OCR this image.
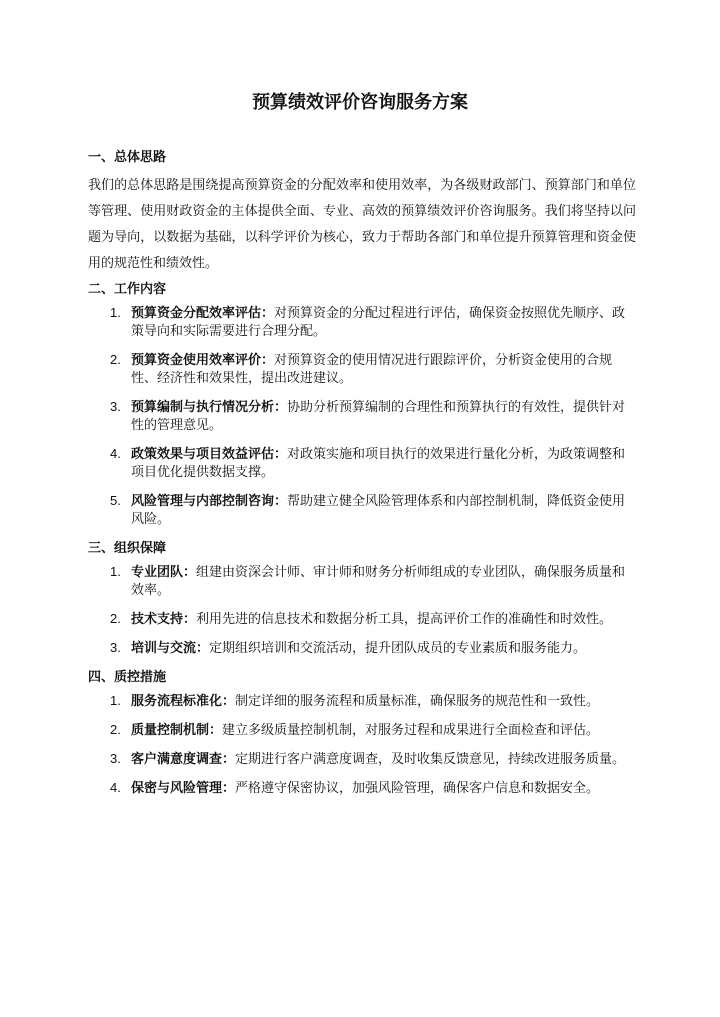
预算绩效评价咨询服务方案
一、总体思路
我们的总体思路是围绕提高预算资金的分配效率和使用效率，为各级财政部门、预算部门和单位等管理、使用财政资金的主体提供全面、专业、高效的预算绩效评价咨询服务。我们将坚持以问题为导向，以数据为基础，以科学评价为核心，致力于帮助各部门和单位提升预算管理和资金使用的规范性和绩效性。
二、工作内容
1. 预算资金分配效率评估：对预算资金的分配过程进行评估，确保资金按照优先顺序、政策导向和实际需要进行合理分配。
2. 预算资金使用效率评价：对预算资金的使用情况进行跟踪评价，分析资金使用的合规性、经济性和效果性，提出改进建议。
3. 预算编制与执行情况分析：协助分析预算编制的合理性和预算执行的有效性，提供针对性的管理意见。
4. 政策效果与项目效益评估：对政策实施和项目执行的效果进行量化分析，为政策调整和项目优化提供数据支撑。
5. 风险管理与内部控制咨询：帮助建立健全风险管理体系和内部控制机制，降低资金使用风险。
三、组织保障
1. 专业团队：组建由资深会计师、审计师和财务分析师组成的专业团队，确保服务质量和效率。
2. 技术支持：利用先进的信息技术和数据分析工具，提高评价工作的准确性和时效性。
3. 培训与交流：定期组织培训和交流活动，提升团队成员的专业素质和服务能力。
四、质控措施
1. 服务流程标准化：制定详细的服务流程和质量标准，确保服务的规范性和一致性。
2. 质量控制机制：建立多级质量控制机制，对服务过程和成果进行全面检查和评估。
3. 客户满意度调查：定期进行客户满意度调查，及时收集反馈意见，持续改进服务质量。
4. 保密与风险管理：严格遵守保密协议，加强风险管理，确保客户信息和数据安全。
